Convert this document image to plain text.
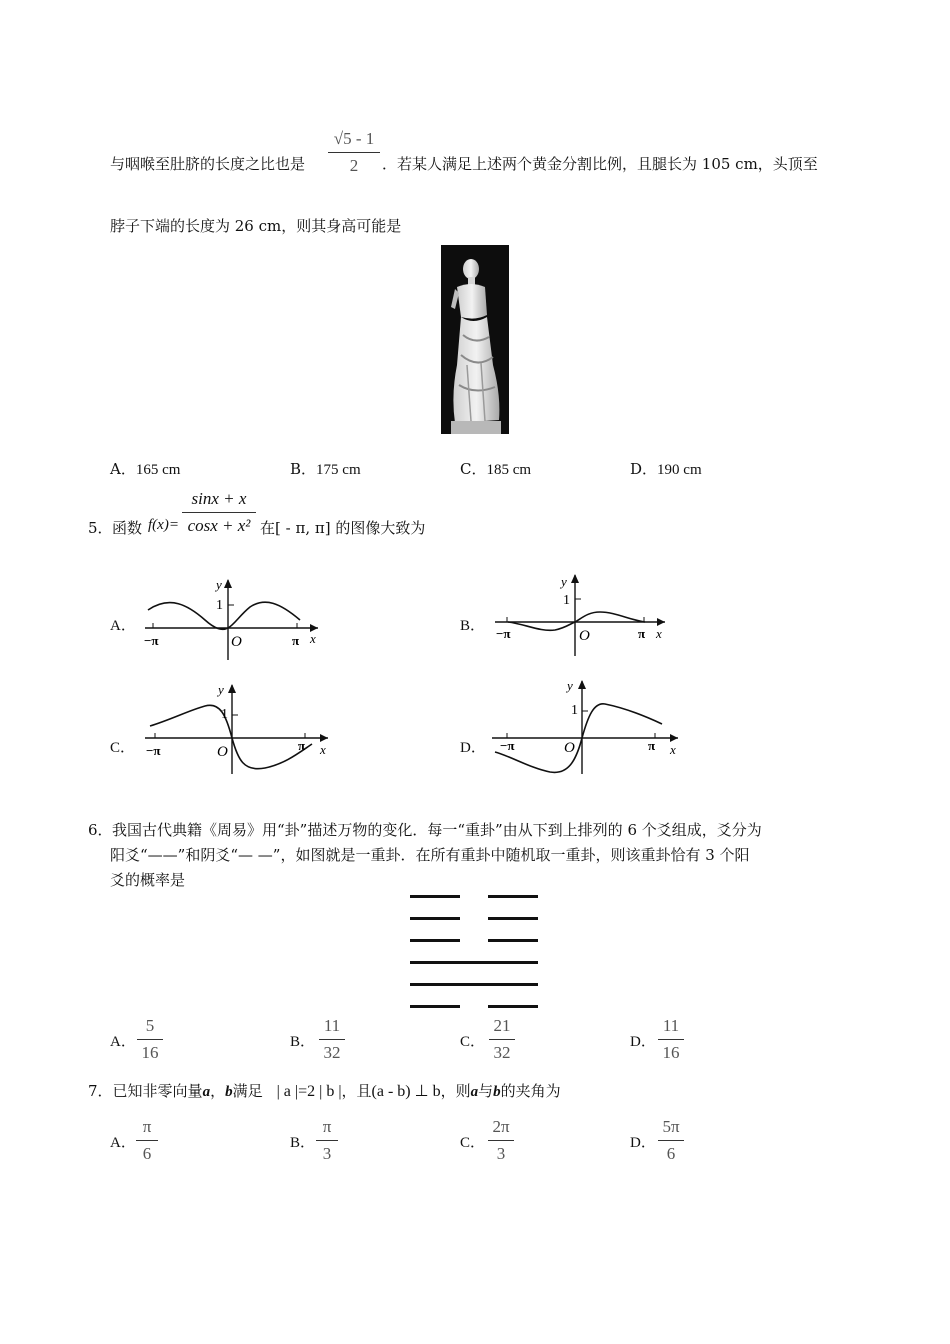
与咽喉至肚脐的长度之比也是
√5 - 1
2	．若某人满足上述两个黄金分割比例，且腿长为 105 cm，头顶至
脖子下端的长度为 26 cm，则其身高可能是
A．165 cm	B．175 cm	C．185 cm	D．190 cm
5． 函数 f(x)=
sinx + x
cosx + x² 在[ - π, π] 的图像大致为
A．	B．
C．	D．
y
x
O
1
−π	π
y
x
O
1
−π	π
y
x
O
1
−π	π
y
x
O
1
−π	π
6． 我国古代典籍《周易》用“卦”描述万物的变化．每一“重卦”由从下到上排列的 6 个爻组成，爻分为
阳爻“——”和阴爻“— —”，如图就是一重卦．在所有重卦中随机取一重卦，则该重卦恰有 3 个阳
爻的概率是
A．
5
16
B．
11
32
C．
21
32
D．
11
16
7．已知非零向量a，b满足 | a |=2 | b |，且(a - b) ⊥ b，则a与b的夹角为
A．
π
6
B．
π
3
C．
2π
3
D．
5π
6
